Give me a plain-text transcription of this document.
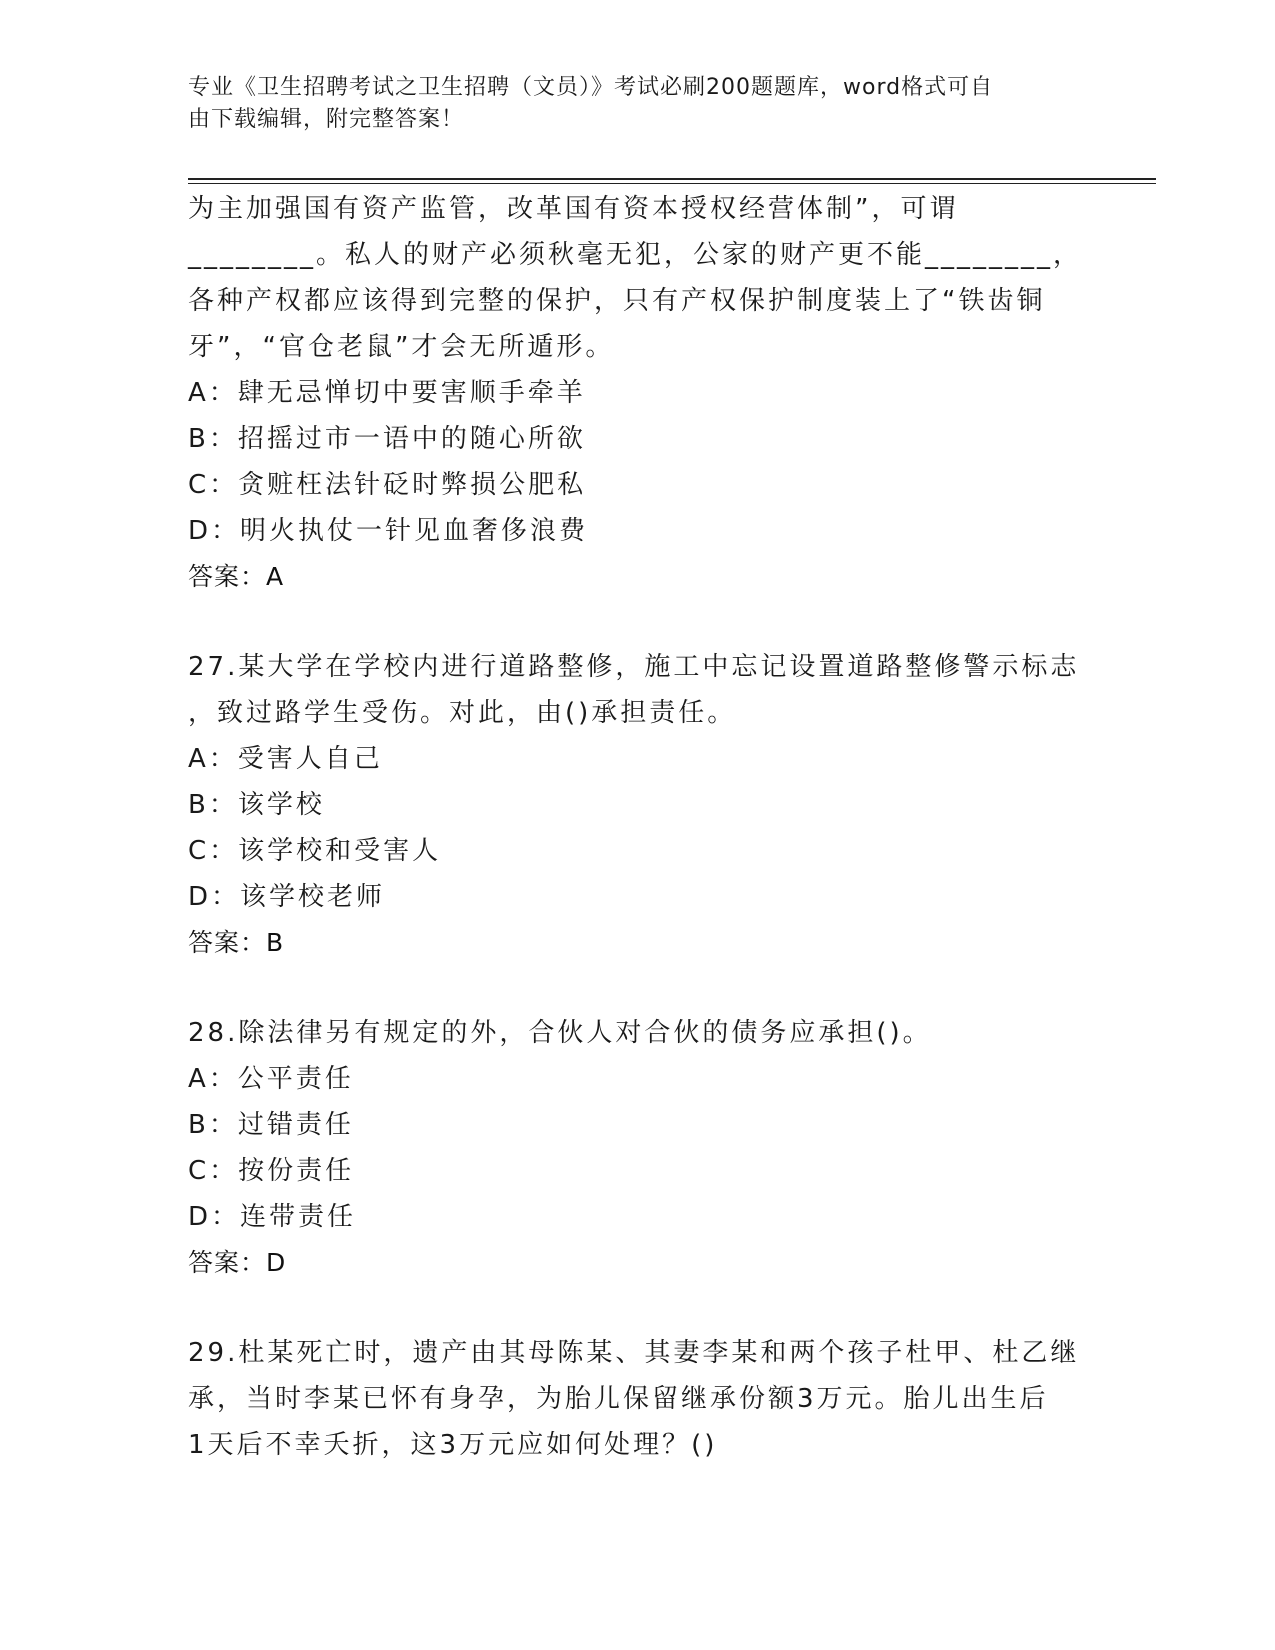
专业《卫生招聘考试之卫生招聘（文员）》考试必刷200题题库，word格式可自
由下载编辑，附完整答案！
为主加强国有资产监管，改革国有资本授权经营体制”，可谓
________。私人的财产必须秋毫无犯，公家的财产更不能________，
各种产权都应该得到完整的保护，只有产权保护制度装上了“铁齿铜
牙”，“官仓老鼠”才会无所遁形。
A：肆无忌惮切中要害顺手牵羊
B：招摇过市一语中的随心所欲
C：贪赃枉法针砭时弊损公肥私
D：明火执仗一针见血奢侈浪费
答案：A
27.某大学在学校内进行道路整修，施工中忘记设置道路整修警示标志
，致过路学生受伤。对此，由()承担责任。
A：受害人自己
B：该学校
C：该学校和受害人
D：该学校老师
答案：B
28.除法律另有规定的外，合伙人对合伙的债务应承担()。
A：公平责任
B：过错责任
C：按份责任
D：连带责任
答案：D
29.杜某死亡时，遗产由其母陈某、其妻李某和两个孩子杜甲、杜乙继
承，当时李某已怀有身孕，为胎儿保留继承份额3万元。胎儿出生后
1天后不幸夭折，这3万元应如何处理？()
